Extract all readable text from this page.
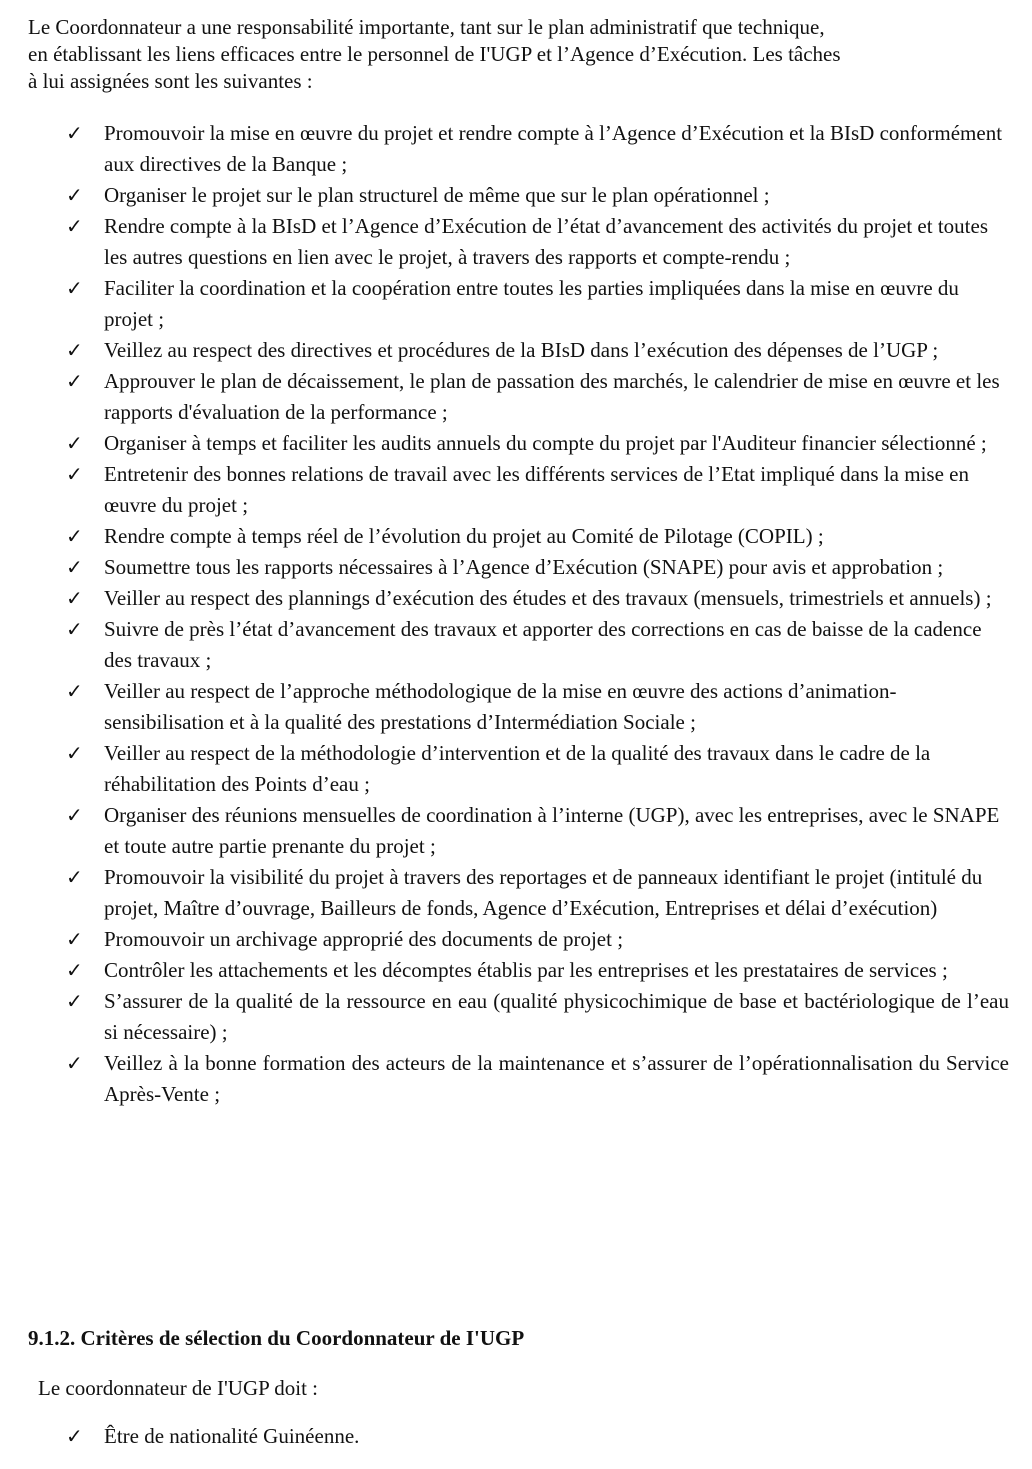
Le Coordonnateur a une responsabilité importante, tant sur le plan administratif que technique,
en établissant les liens efficaces entre le personnel de I'UGP et l’Agence d’Exécution. Les tâches
à lui assignées sont les suivantes :
✓ Promouvoir la mise en œuvre du projet et rendre compte à l’Agence d’Exécution et la BIsD conformément aux directives de la Banque ;
✓ Organiser le projet sur le plan structurel de même que sur le plan opérationnel ;
✓ Rendre compte à la BIsD et l’Agence d’Exécution de l’état d’avancement des activités du projet et toutes les autres questions en lien avec le projet, à travers des rapports et compte-rendu ;
✓ Faciliter la coordination et la coopération entre toutes les parties impliquées dans la mise en œuvre du projet ;
✓ Veillez au respect des directives et procédures de la BIsD dans l’exécution des dépenses de l’UGP ;
✓ Approuver le plan de décaissement, le plan de passation des marchés, le calendrier de mise en œuvre et les rapports d'évaluation de la performance ;
✓ Organiser à temps et faciliter les audits annuels du compte du projet par l'Auditeur financier sélectionné ;
✓ Entretenir des bonnes relations de travail avec les différents services de l’Etat impliqué dans la mise en œuvre du projet ;
✓ Rendre compte à temps réel de l’évolution du projet au Comité de Pilotage (COPIL) ;
✓ Soumettre tous les rapports nécessaires à l’Agence d’Exécution (SNAPE) pour avis et approbation ;
✓ Veiller au respect des plannings d’exécution des études et des travaux (mensuels, trimestriels et annuels) ;
✓ Suivre de près l’état d’avancement des travaux et apporter des corrections en cas de baisse de la cadence des travaux ;
✓ Veiller au respect de l’approche méthodologique de la mise en œuvre des actions d’animation-sensibilisation et à la qualité des prestations d’Intermédiation Sociale ;
✓ Veiller au respect de la méthodologie d’intervention et de la qualité des travaux dans le cadre de la réhabilitation des Points d’eau ;
✓ Organiser des réunions mensuelles de coordination à l’interne (UGP), avec les entreprises, avec le SNAPE et toute autre partie prenante du projet ;
✓ Promouvoir la visibilité du projet à travers des reportages et de panneaux identifiant le projet (intitulé du projet, Maître d’ouvrage, Bailleurs de fonds, Agence d’Exécution, Entreprises et délai d’exécution)
✓ Promouvoir un archivage approprié des documents de projet ;
✓ Contrôler les attachements et les décomptes établis par les entreprises et les prestataires de services ;
✓ S’assurer de la qualité de la ressource en eau (qualité physicochimique de base et bactériologique de l’eau si nécessaire) ;
✓ Veillez à la bonne formation des acteurs de la maintenance et s’assurer de l’opérationnalisation du Service Après-Vente ;
9.1.2. Critères de sélection du Coordonnateur de I'UGP
Le coordonnateur de I'UGP doit :
✓ Être de nationalité Guinéenne.
